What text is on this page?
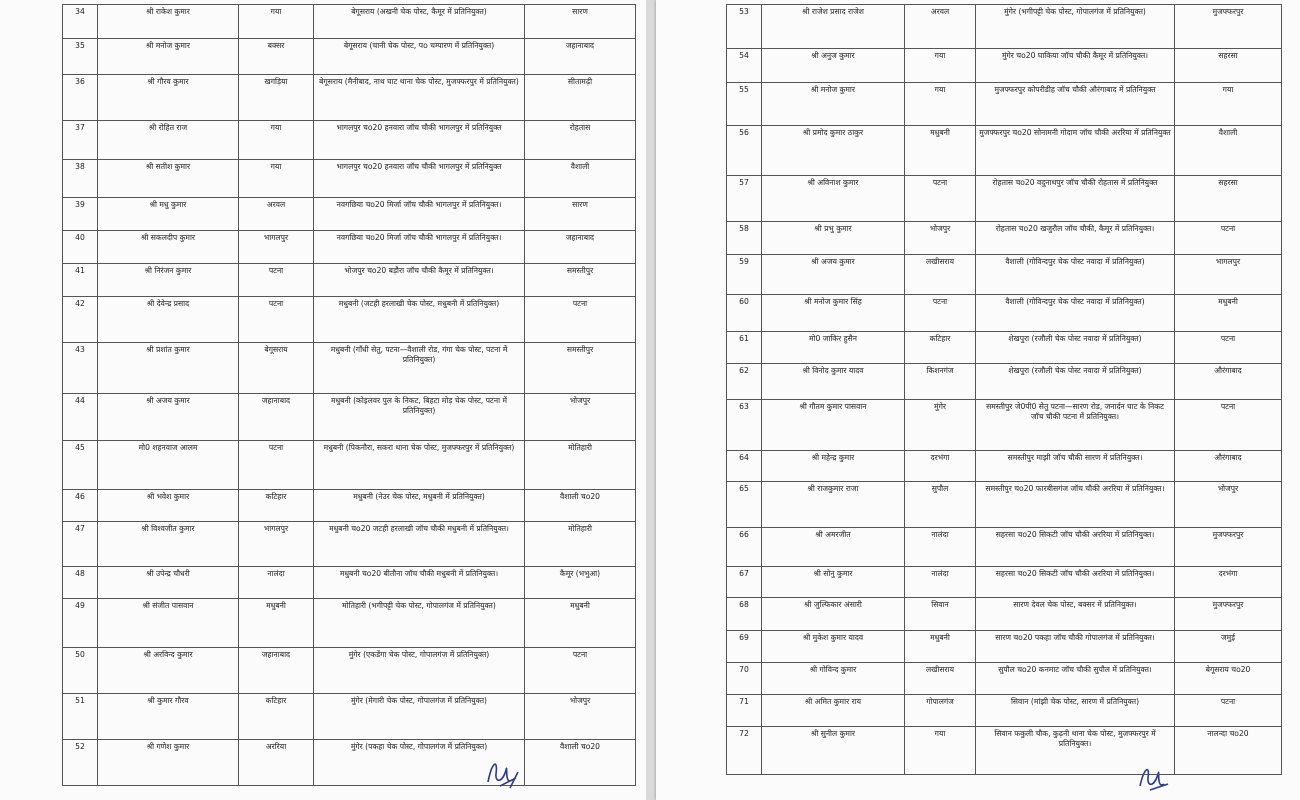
34	श्री राकेश कुमार	गया	बेगूसराय (अखनी चेक पोस्ट, कैमूर में प्रतिनियुक्त)	सारण
35	श्री मनोज कुमार	बक्सर	बेगूसराय (चानी चेक पोस्ट, पo चम्पारण में प्रतिनियुक्त)	जहानाबाद
36	श्री गौरव कुमार	खगड़िया	बेगूसराय (मैनीबाद, नाथ घाट थाना चेक पोस्ट, मुजफ्फरपुर में प्रतिनियुक्त)	सीतामढ़ी
37	श्री रोहित राज	गया	भागलपुर चo20 हनवारा जॉच चौकी भागलपुर में प्रतिनियुक्त	रोहतास
38	श्री सतीश कुमार	गया	भागलपुर चo20 हनवारा जॉच चौकी भागलपुर में प्रतिनियुक्त	वैशाली
39	श्री मधु कुमार	अरवल	नवगछिया चo20 मिर्जा जॉच चौकी भागलपुर में प्रतिनियुक्त।	सारण
40	श्री सकलदीप कुमार	भागलपुर	नवगछिया चo20 मिर्जा जॉच चौकी भागलपुर में प्रतिनियुक्त।	जहानाबाद
41	श्री निरंजन कुमार	पटना	भोजपुर चo20 बड़ौरा जॉच चौकी कैमूर में प्रतिनियुक्त।	समस्तीपुर
42	श्री देवेन्द्र प्रसाद	पटना	मधुबनी (जटही हरलाखी चेक पोस्ट, मधुबनी में प्रतिनियुक्त)	पटना
43	श्री प्रशांत कुमार	बेगूसराय	मधुबनी (गाँधी सेतु, पटना—वैशाली रोड, गंगा चेक पोस्ट, पटना में प्रतिनियुक्त)	समस्तीपुर
44	श्री अजय कुमार	जहानाबाद	मधुबनी (कोइलवर पुल के निकट, बिहटा मोड़ चेक पोस्ट, पटना में प्रतिनियुक्त)	भोजपुर
45	मो0 शहनवाज आलम	पटना	मधुबनी (पिकनौरा, सकरा थाना चेक पोस्ट, मुजफ्फरपुर में प्रतिनियुक्त)	मोतिहारी
46	श्री भवेश कुमार	कटिहार	मधुबनी (नेउर चेक पोस्ट, मधुबनी में प्रतिनियुक्त)	वैशाली चo20
47	श्री विश्वजीत कुमार	भागलपुर	मधुबनी चo20 जटही हरलाखी जॉच चौकी मधुबनी में प्रतिनियुक्त।	मोतिहारी
48	श्री उपेन्द्र चौधरी	नालंदा	मधुबनी चo20 बीतौना जॉच चौकी मधुबनी में प्रतिनियुक्त।	कैमूर (भभुआ)
49	श्री संजीत पासवान	मधुबनी	मोतिहारी (भगीपट्टी चेक पोस्ट, गोपालगंज में प्रतिनियुक्त)	मधुबनी
50	श्री अरविन्द कुमार	जहानाबाद	मुंगेर (एकडेंगा चेक पोस्ट, गोपालगंज में प्रतिनियुक्त)	पटना
51	श्री कुमार गौरव	कटिहार	मुंगेर (मेगारी चेक पोस्ट, गोपालगंज में प्रतिनियुक्त)	भोजपुर
52	श्री गणेश कुमार	अररिया	मुंगेर (पकहा चेक पोस्ट, गोपालगंज में प्रतिनियुक्त)	वैशाली चo20
53	श्री राजेश प्रसाद राजेश	अरवल	मुंगेर (भगीपट्टी चेक पोस्ट, गोपालगंज में प्रतिनियुक्त)	मुजफ्फरपुर
54	श्री अनुज कुमार	गया	मुंगेर चo20 घाकिया जॉच चौकी कैमूर में प्रतिनियुक्त।	सहरसा
55	श्री मनोज कुमार	गया	मुजफ्फरपुर कोपरीडीह जॉच चौकी औरंगाबाद में प्रतिनियुक्त	गया
56	श्री प्रमोद कुमार ठाकुर	मधुबनी	मुजफ्फरपुर चo20 सोनामनी गोदाम जॉच चौकी अररिया में प्रतिनियुक्त	वैशाली
57	श्री अविनाश कुमार	पटना	रोहतास चo20 वदुनाथपुर जॉच चौकी रोहतास में प्रतिनियुक्त	सहरसा
58	श्री प्रभु कुमार	भोजपुर	रोहतास चo20 खजुरौल जॉच चौकी, कैमूर में प्रतिनियुक्त।	पटना
59	श्री अजय कुमार	लखीसराय	वैशाली (गोविन्दपुर चेक पोस्ट नवादा में प्रतिनियुक्त)	भागलपुर
60	श्री मनोज कुमार सिंह	पटना	वैशाली (गोविन्दपुर चेक पोस्ट नवादा में प्रतिनियुक्त)	मधुबनी
61	मो0 जाकिर हुसैन	कटिहार	शेखपुरा (रजौली चेक पोस्ट नवादा में प्रतिनियुक्त)	पटना
62	श्री विनोद कुमार यादव	किशनगंज	शेखपुरा (रजौली चेक पोस्ट नवादा में प्रतिनियुक्त)	औरंगाबाद
63	श्री गौतम कुमार पासवान	मुंगेर	समस्तीपुर जे0पी0 सेतु पटना—सारण रोड, जनार्दन घाट के निकट जॉच चौकी पटना में प्रतिनियुक्त।	पटना
64	श्री महेन्द्र कुमार	दरभंगा	समस्तीपुर माझी जॉच चौकी सारण में प्रतिनियुक्त।	औरंगाबाद
65	श्री राजकुमार राजा	सुपौल	समस्तीपुर चo20 फारबीसगंज जॉच चौकी अररिया में प्रतिनियुक्त।	भोजपुर
66	श्री अमरजीत	नालंदा	सहरसा चo20 सिकटी जॉच चौकी अररिया में प्रतिनियुक्त।	मुजफ्फरपुर
67	श्री सोनु कुमार	नालंदा	सहरसा चo20 सिकटी जॉच चौकी अररिया में प्रतिनियुक्त।	दरभंगा
68	श्री जुल्फिकार अंसारी	सिवान	सारण देवल चेक पोस्ट, बक्सर में प्रतिनियुक्त।	मुजफ्फरपुर
69	श्री मुकेश कुमार यादव	मधुबनी	सारण चo20 पकहा जॉच चौकी गोपालगंज में प्रतिनियुक्त।	जमुई
70	श्री गोविन्द कुमार	लखीसराय	सुपौल चo20 कनमाट जॉच चौकी सुपौल में प्रतिनियुक्त।	बेगूसराय चo20
71	श्री अमित कुमार राय	गोपालगंज	सिवान (मांझी चेक पोस्ट, सारण में प्रतिनियुक्त)	पटना
72	श्री सुनील कुमार	गया	सिवान फकुली चौक, कुढ़नी थाना चेक पोस्ट, मुजफ्फरपुर में प्रतिनियुक्त।	नालन्दा चo20
